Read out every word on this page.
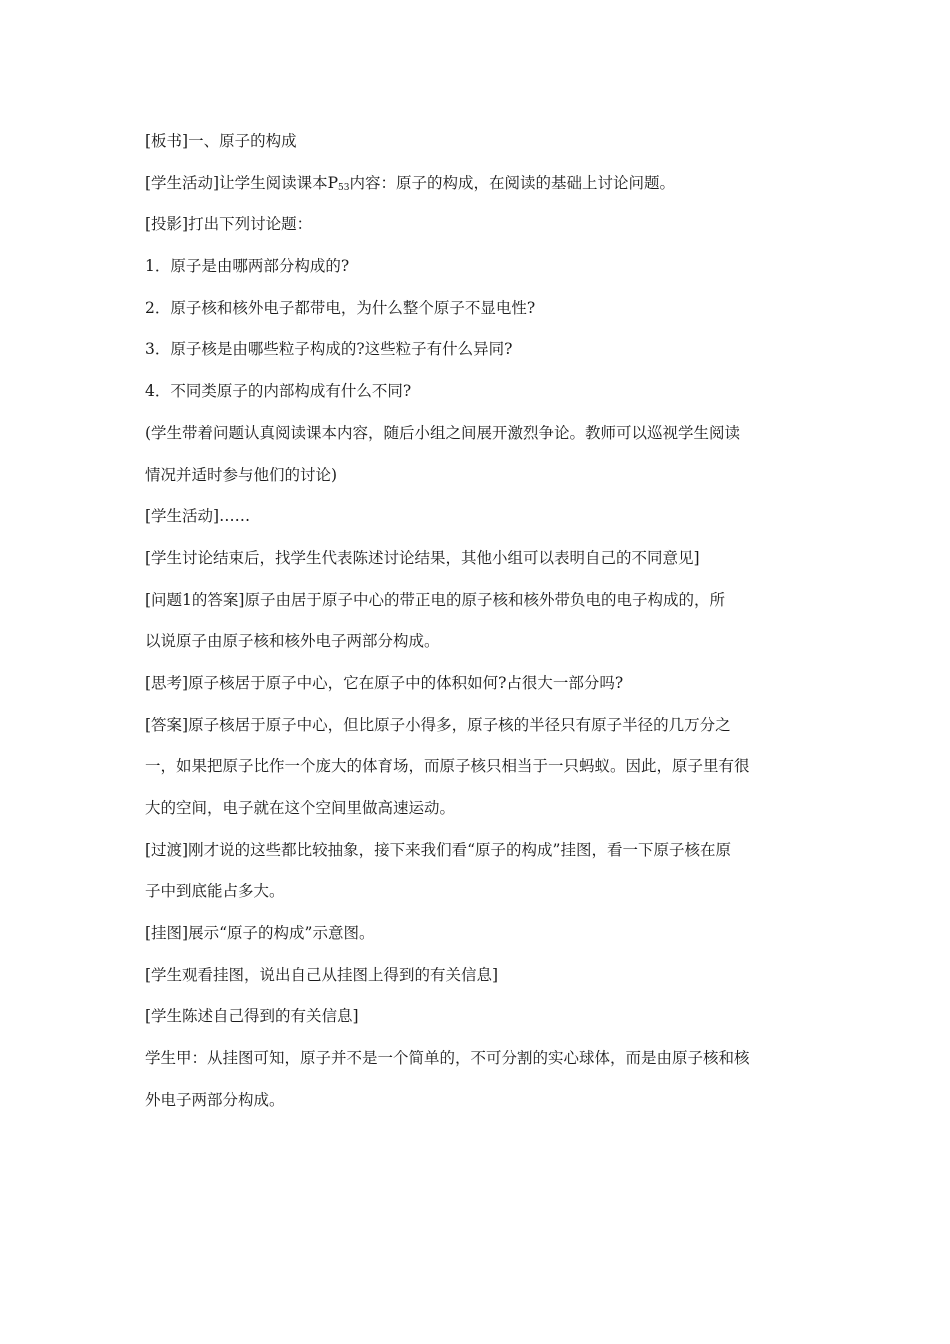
[板书]一、原子的构成

[学生活动]让学生阅读课本$P_{53}$内容：原子的构成，在阅读的基础上讨论问题。

[投影]打出下列讨论题：

1．原子是由哪两部分构成的?

2．原子核和核外电子都带电，为什么整个原子不显电性?

3．原子核是由哪些粒子构成的?这些粒子有什么异同?

4．不同类原子的内部构成有什么不同?

(学生带着问题认真阅读课本内容，随后小组之间展开激烈争论。教师可以巡视学生阅读

情况并适时参与他们的讨论)

[学生活动]……

[学生讨论结束后，找学生代表陈述讨论结果，其他小组可以表明自己的不同意见]

[问题1的答案]原子由居于原子中心的带正电的原子核和核外带负电的电子构成的，所

以说原子由原子核和核外电子两部分构成。

[思考]原子核居于原子中心，它在原子中的体积如何?占很大一部分吗?

[答案]原子核居于原子中心，但比原子小得多，原子核的半径只有原子半径的几万分之

一，如果把原子比作一个庞大的体育场，而原子核只相当于一只蚂蚁。因此，原子里有很

大的空间，电子就在这个空间里做高速运动。

[过渡]刚才说的这些都比较抽象，接下来我们看“原子的构成”挂图，看一下原子核在原

子中到底能占多大。

[挂图]展示“原子的构成”示意图。

[学生观看挂图，说出自己从挂图上得到的有关信息]

[学生陈述自己得到的有关信息]

学生甲：从挂图可知，原子并不是一个简单的，不可分割的实心球体，而是由原子核和核

外电子两部分构成。
